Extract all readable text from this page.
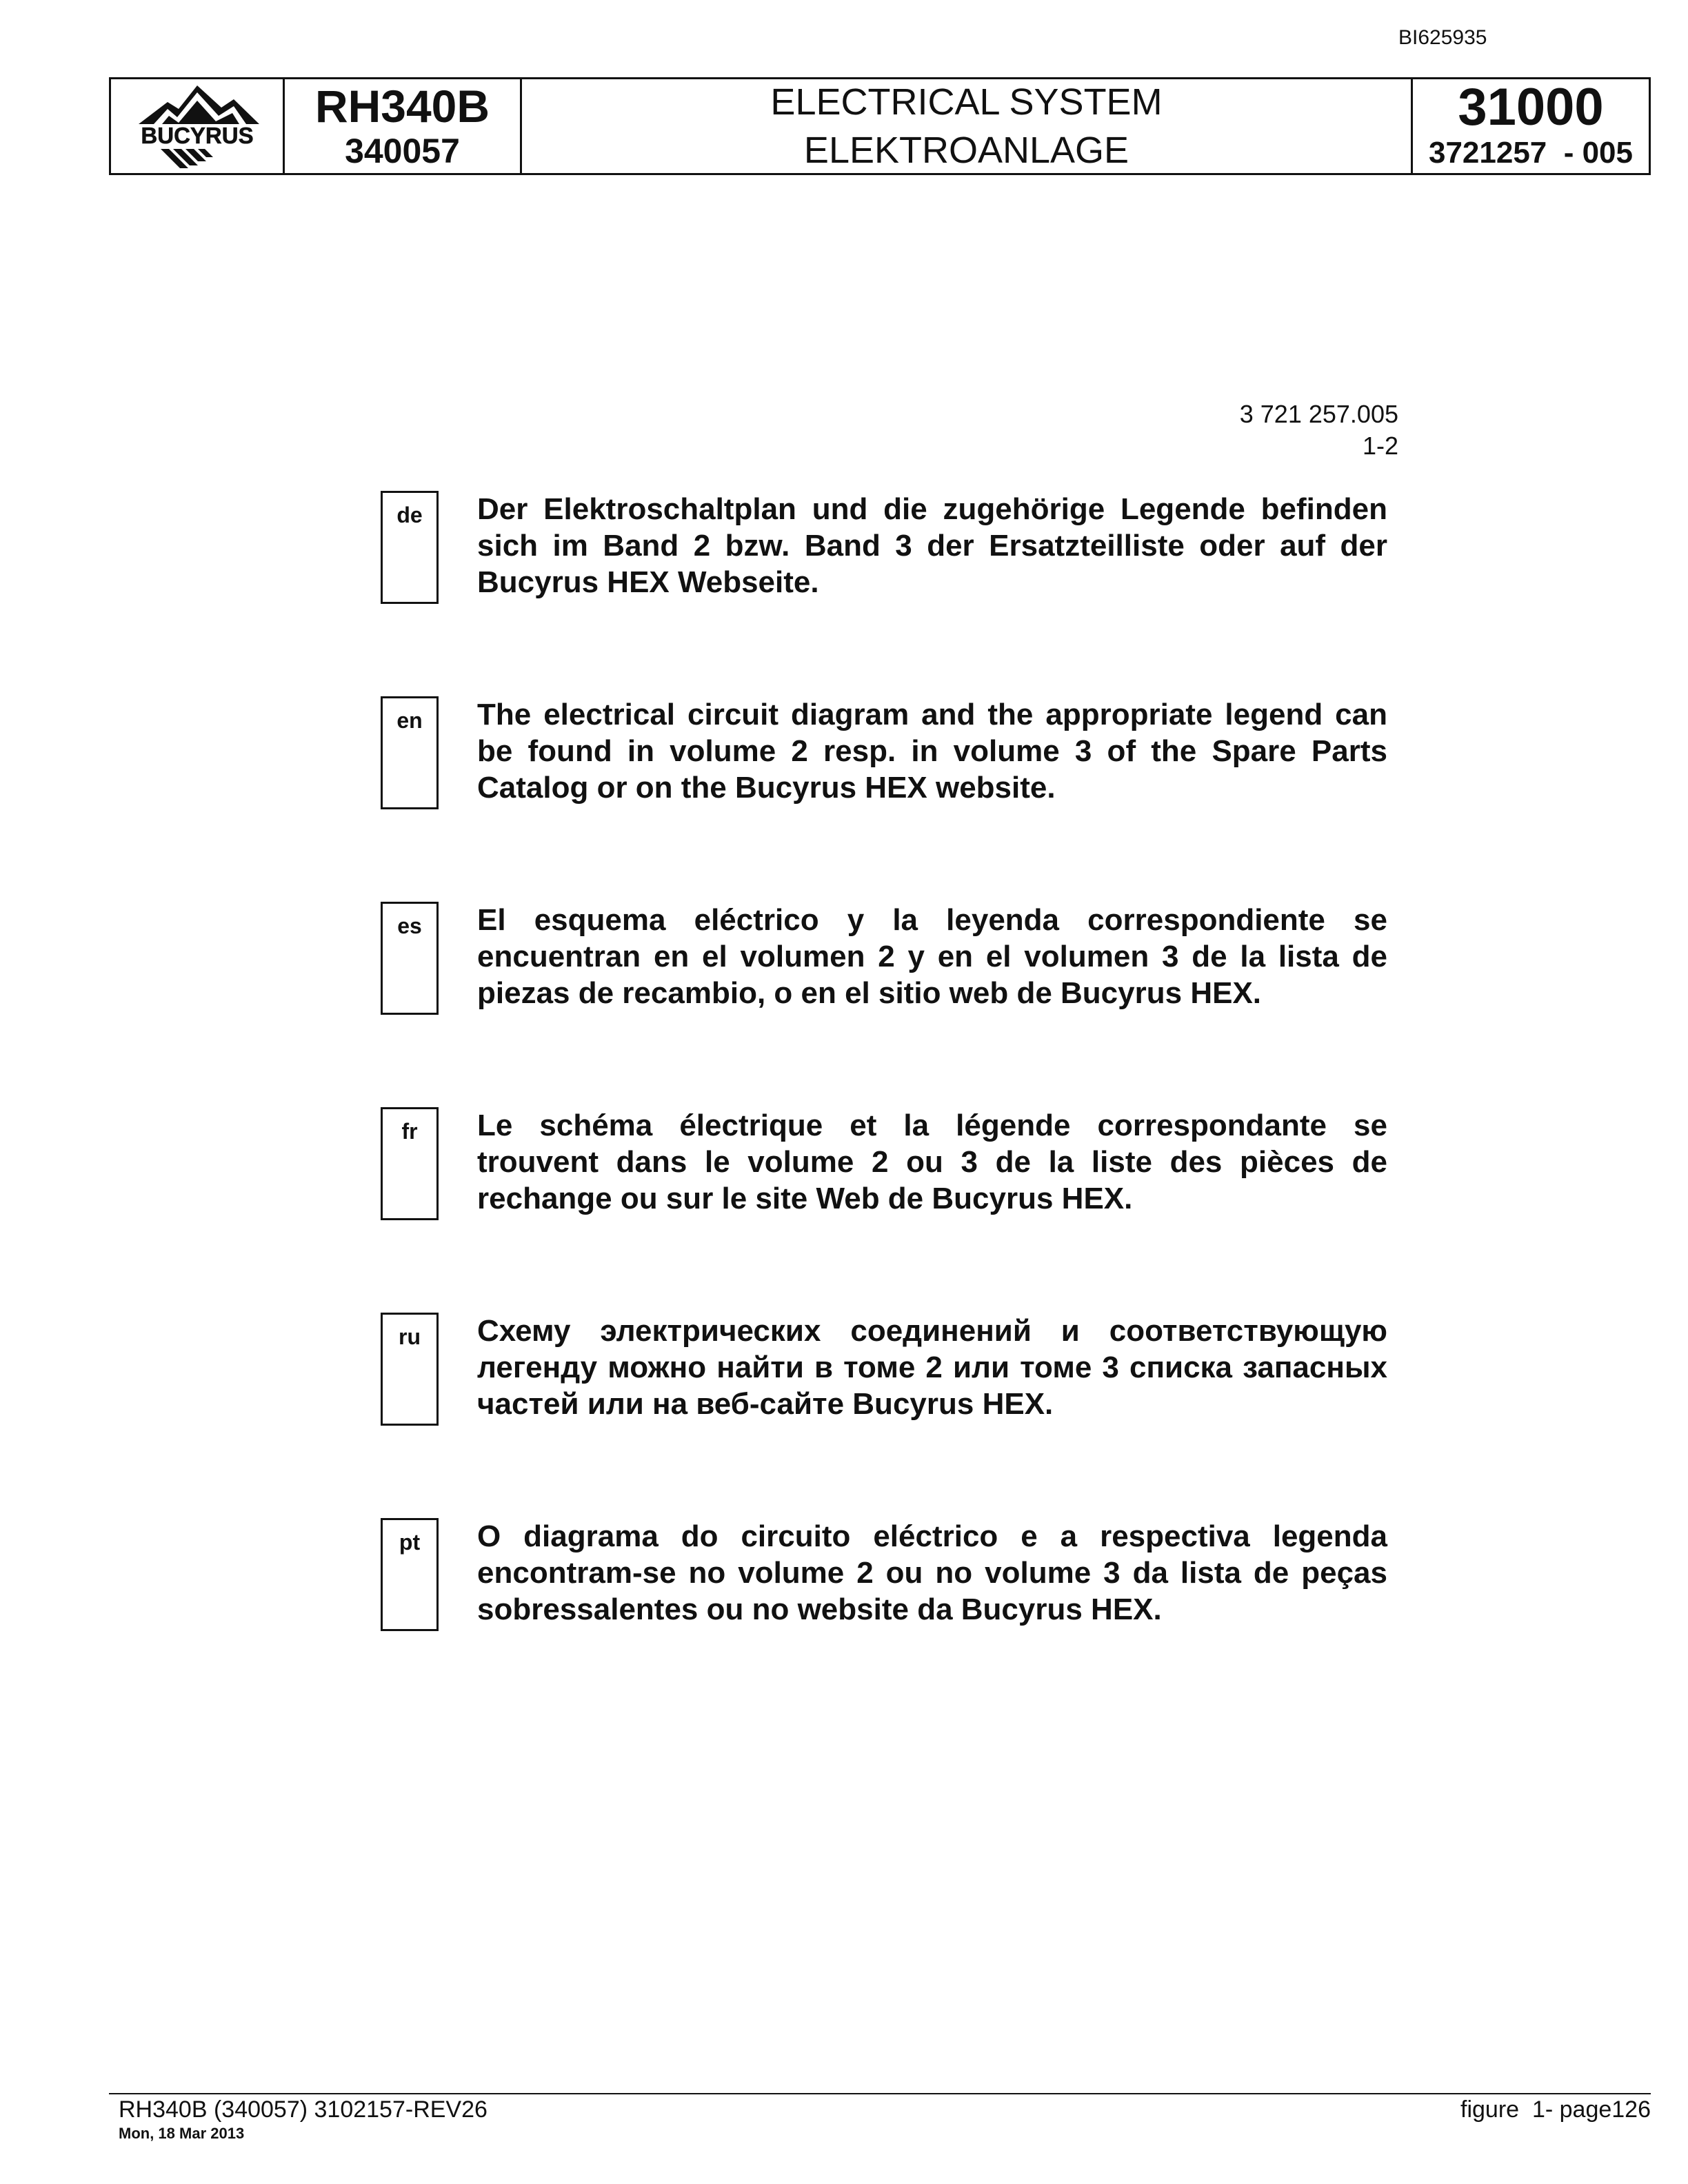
BI625935
BUCYRUS
RH340B
340057
ELECTRICAL SYSTEM
ELEKTROANLAGE
31000
3721257  - 005
3 721 257.005
1-2
de	Der Elektroschaltplan und die zugehörige Legende befinden sich im Band 2 bzw. Band 3 der Ersatzteilliste oder auf der Bucyrus HEX Webseite.
en	The electrical circuit diagram and the appropriate legend can be found in volume 2 resp. in volume 3 of the Spare Parts Catalog or on the Bucyrus HEX website.
es	El esquema eléctrico y la leyenda correspondiente se encuentran en el volumen 2 y en el volumen 3 de la lista de piezas de recambio, o en el sitio web de Bucyrus HEX.
fr	Le schéma électrique et la légende correspondante se trouvent dans le volume 2 ou 3 de la liste des pièces de rechange ou sur le site Web de Bucyrus HEX.
ru	Схему электрических соединений и соответствующую легенду можно найти в томе 2 или томе 3 списка запасных частей или на веб-сайте Bucyrus HEX.
pt	O diagrama do circuito eléctrico e a respectiva legenda encontram-se no volume 2 ou no volume 3 da lista de peças sobressalentes ou no website da Bucyrus HEX.
RH340B (340057) 3102157-REV26
Mon, 18 Mar 2013
figure  1- page126
